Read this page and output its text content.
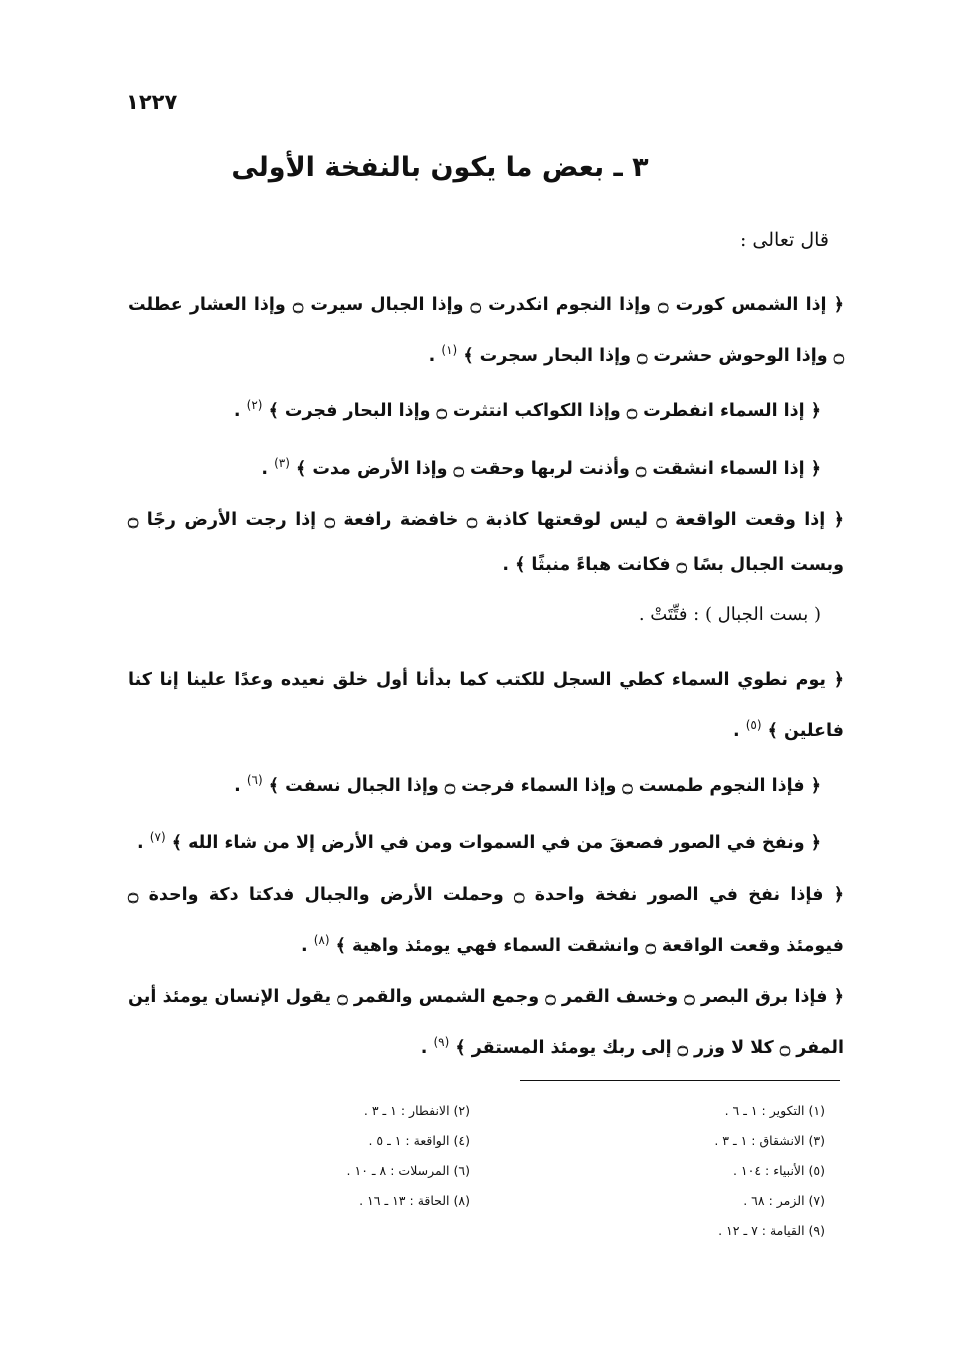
١٢٢٧
٣ ـ بعض ما يكون بالنفخة الأولى
قال تعالى :

﴿ إذا الشمس كورت ۝ وإذا النجوم انكدرت ۝ وإذا الجبال سيرت ۝ وإذا العشار عطلت ۝ وإذا الوحوش حشرت ۝ وإذا البحار سجرت ﴾ $^{(١)}$ .

﴿ إذا السماء انفطرت ۝ وإذا الكواكب انتثرت ۝ وإذا البحار فجرت ﴾ $^{(٢)}$ .

﴿ إذا السماء انشقت ۝ وأذنت لربها وحقت ۝ وإذا الأرض مدت ﴾ $^{(٣)}$ .

﴿ إذا وقعت الواقعة ۝ ليس لوقعتها كاذبة ۝ خافضة رافعة ۝ إذا رجت الأرض رجًا ۝ وبست الجبال بسًا ۝ فكانت هباءً منبثًا ﴾ .

( بست الجبال ) : فتِّتَتْ .

﴿ يوم نطوي السماء كطي السجل للكتب كما بدأنا أول خلق نعيده وعدًا علينا إنا كنا فاعلين ﴾ $^{(٥)}$ .

﴿ فإذا النجوم طمست ۝ وإذا السماء فرجت ۝ وإذا الجبال نسفت ﴾ $^{(٦)}$ .

﴿ ونفخ في الصور فصعقَ من في السموات ومن في الأرض إلا من شاء الله ﴾ $^{(٧)}$ .

﴿ فإذا نفخ في الصور نفخة واحدة ۝ وحملت الأرض والجبال فدكتا دكة واحدة ۝ فيومئذ وقعت الواقعة ۝ وانشقت السماء فهي يومئذ واهية ﴾ $^{(٨)}$ .

﴿ فإذا برق البصر ۝ وخسف القمر ۝ وجمع الشمس والقمر ۝ يقول الإنسان يومئذ أين المفر ۝ كلا لا وزر ۝ إلى ربك يومئذ المستقر ﴾ $^{(٩)}$ .

(١) التكوير : ١ ـ ٦ .
(٣) الانشقاق : ١ ـ ٣ .
(٥) الأنبياء : ١٠٤ .
(٧) الزمر : ٦٨ .
(٩) القيامة : ٧ ـ ١٢ .
(٢) الانفطار : ١ ـ ٣ .
(٤) الواقعة : ١ ـ ٥ .
(٦) المرسلات : ٨ ـ ١٠ .
(٨) الحاقة : ١٣ ـ ١٦ .
